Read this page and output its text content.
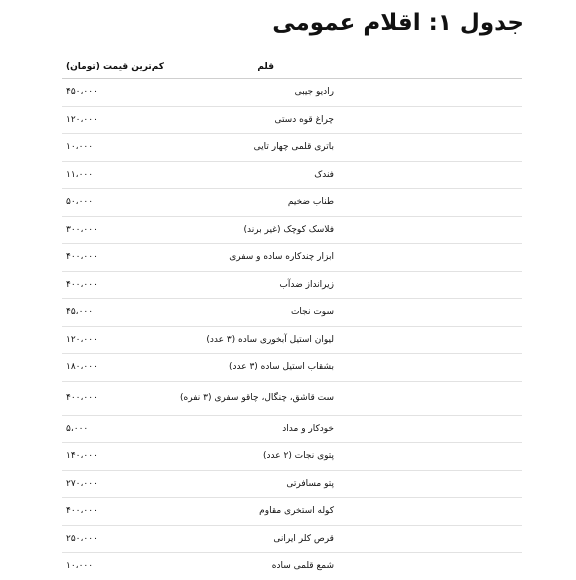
جدول ۱: اقلام عمومی
کم‌ترین قیمت (تومان)	قلم
۴۵۰،۰۰۰	رادیو جیبی
۱۲۰،۰۰۰	چراغ قوه دستی
۱۰،۰۰۰	باتری قلمی چهار تایی
۱۱،۰۰۰	فندک
۵۰،۰۰۰	طناب ضخیم
۳۰۰،۰۰۰	فلاسک کوچک (غیر برند)
۴۰۰،۰۰۰	ابزار چندکاره ساده و سفری
۴۰۰،۰۰۰	زیرانداز ضدآب
۴۵،۰۰۰	سوت نجات
۱۲۰،۰۰۰	لیوان استیل آبخوری ساده (۳ عدد)
۱۸۰،۰۰۰	بشقاب استیل ساده (۳ عدد)
۴۰۰،۰۰۰	ست قاشق، چنگال، چاقو سفری (۳ نفره)
۵،۰۰۰	خودکار و مداد
۱۴۰،۰۰۰	پتوی نجات (۲ عدد)
۲۷۰،۰۰۰	پتو مسافرتی
۴۰۰،۰۰۰	کوله استخری مقاوم
۲۵۰،۰۰۰	قرص کلر ایرانی
۱۰،۰۰۰	شمع قلمی ساده
